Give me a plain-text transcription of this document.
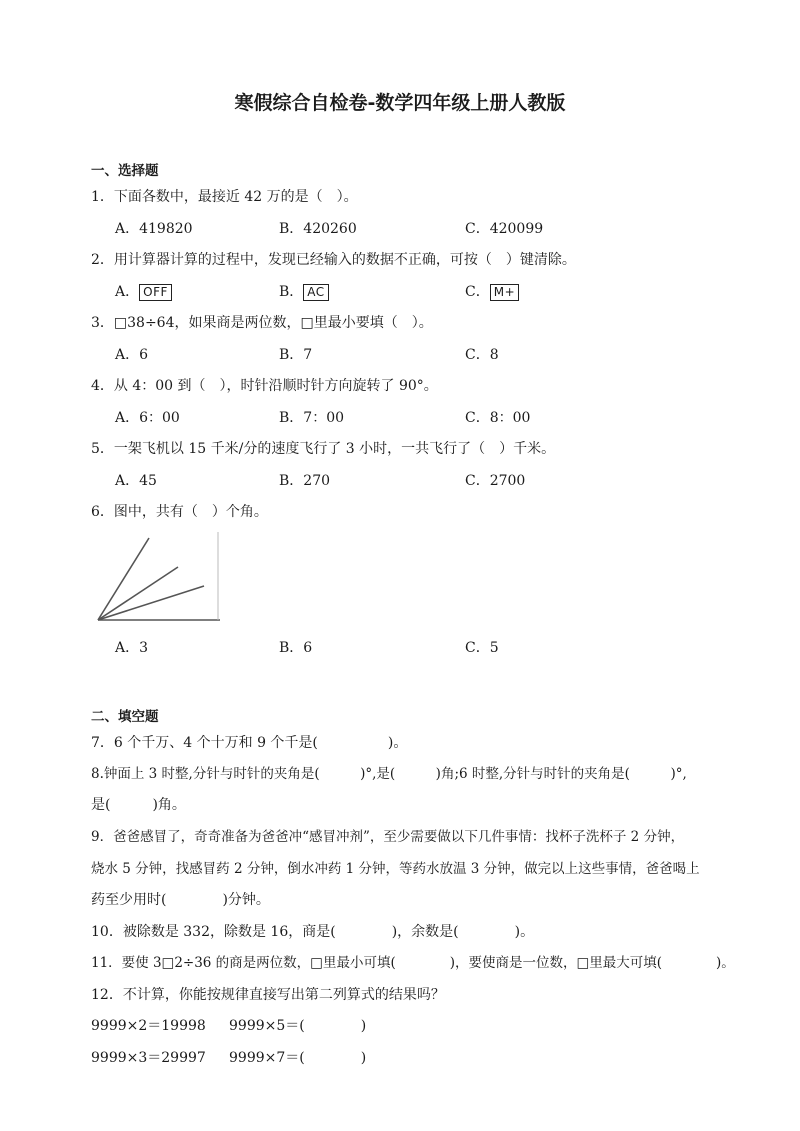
寒假综合自检卷-数学四年级上册人教版
一、选择题
1．下面各数中，最接近 42 万的是（　）。
A．419820	B．420260	C．420099
2．用计算器计算的过程中，发现已经输入的数据不正确，可按（　）键清除。
A． OFF	B． AC	C． M+
3．□38÷64，如果商是两位数，□里最小要填（　）。
A．6	B．7	C．8
4．从 4：00 到（　），时针沿顺时针方向旋转了 90°。
A．6：00	B．7：00	C．8：00
5．一架飞机以 15 千米/分的速度飞行了 3 小时，一共飞行了（　）千米。
A．45	B．270	C．2700
6．图中，共有（　）个角。
A．3	B．6	C．5
二、填空题
7．6 个千万、4 个十万和 9 个千是(　　　　　)。
8.钟面上 3 时整,分针与时针的夹角是(　　　)°,是(　　　)角;6 时整,分针与时针的夹角是(　　　)°,
是(　　　)角。
9．爸爸感冒了，奇奇准备为爸爸冲“感冒冲剂”，至少需要做以下几件事情：找杯子洗杯子 2 分钟，
烧水 5 分钟，找感冒药 2 分钟，倒水冲药 1 分钟，等药水放温 3 分钟，做完以上这些事情，爸爸喝上
药至少用时(　　　　)分钟。
10．被除数是 332，除数是 16，商是(　　　　)，余数是(　　　　)。
11．要使 3□2÷36 的商是两位数，□里最小可填(　　　　)，要使商是一位数，□里最大可填(　　　　)。
12．不计算，你能按规律直接写出第二列算式的结果吗？
9999×2＝19998 9999×5＝(　　　　)
9999×3＝29997 9999×7＝(　　　　)
